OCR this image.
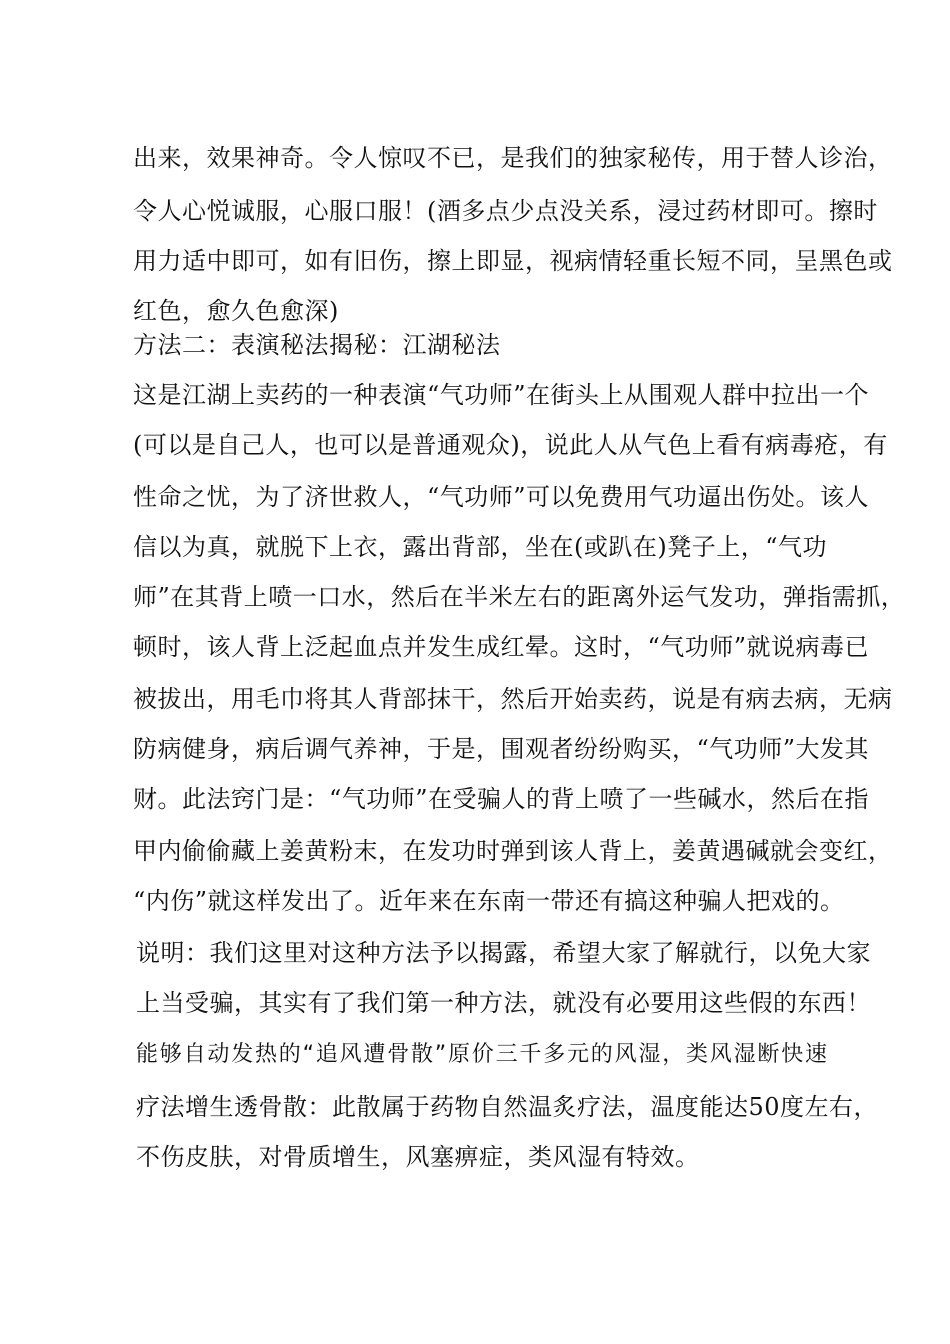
出来，效果神奇。令人惊叹不已，是我们的独家秘传，用于替人诊治，
令人心悦诚服，心服口服！(酒多点少点没关系，浸过药材即可。擦时
用力适中即可，如有旧伤，擦上即显，视病情轻重长短不同，呈黑色或
红色，愈久色愈深)
方法二：表演秘法揭秘：江湖秘法
这是江湖上卖药的一种表演“气功师”在街头上从围观人群中拉出一个
(可以是自己人，也可以是普通观众)，说此人从气色上看有病毒疮，有
性命之忧，为了济世救人，“气功师”可以免费用气功逼出伤处。该人
信以为真，就脱下上衣，露出背部，坐在(或趴在)凳子上，“气功
师”在其背上喷一口水，然后在半米左右的距离外运气发功，弹指需抓，
顿时，该人背上泛起血点并发生成红晕。这时，“气功师”就说病毒已
被拔出，用毛巾将其人背部抹干，然后开始卖药，说是有病去病，无病
防病健身，病后调气养神，于是，围观者纷纷购买，“气功师”大发其
财。此法窍门是：“气功师”在受骗人的背上喷了一些碱水，然后在指
甲内偷偷藏上姜黄粉末，在发功时弹到该人背上，姜黄遇碱就会变红，
“内伤”就这样发出了。近年来在东南一带还有搞这种骗人把戏的。
说明：我们这里对这种方法予以揭露，希望大家了解就行，以免大家
上当受骗，其实有了我们第一种方法，就没有必要用这些假的东西！
能够自动发热的“追风遭骨散”原价三千多元的风湿，类风湿断快速
疗法增生透骨散：此散属于药物自然温炙疗法，温度能达50度左右，
不伤皮肤，对骨质增生，风塞痹症，类风湿有特效。
